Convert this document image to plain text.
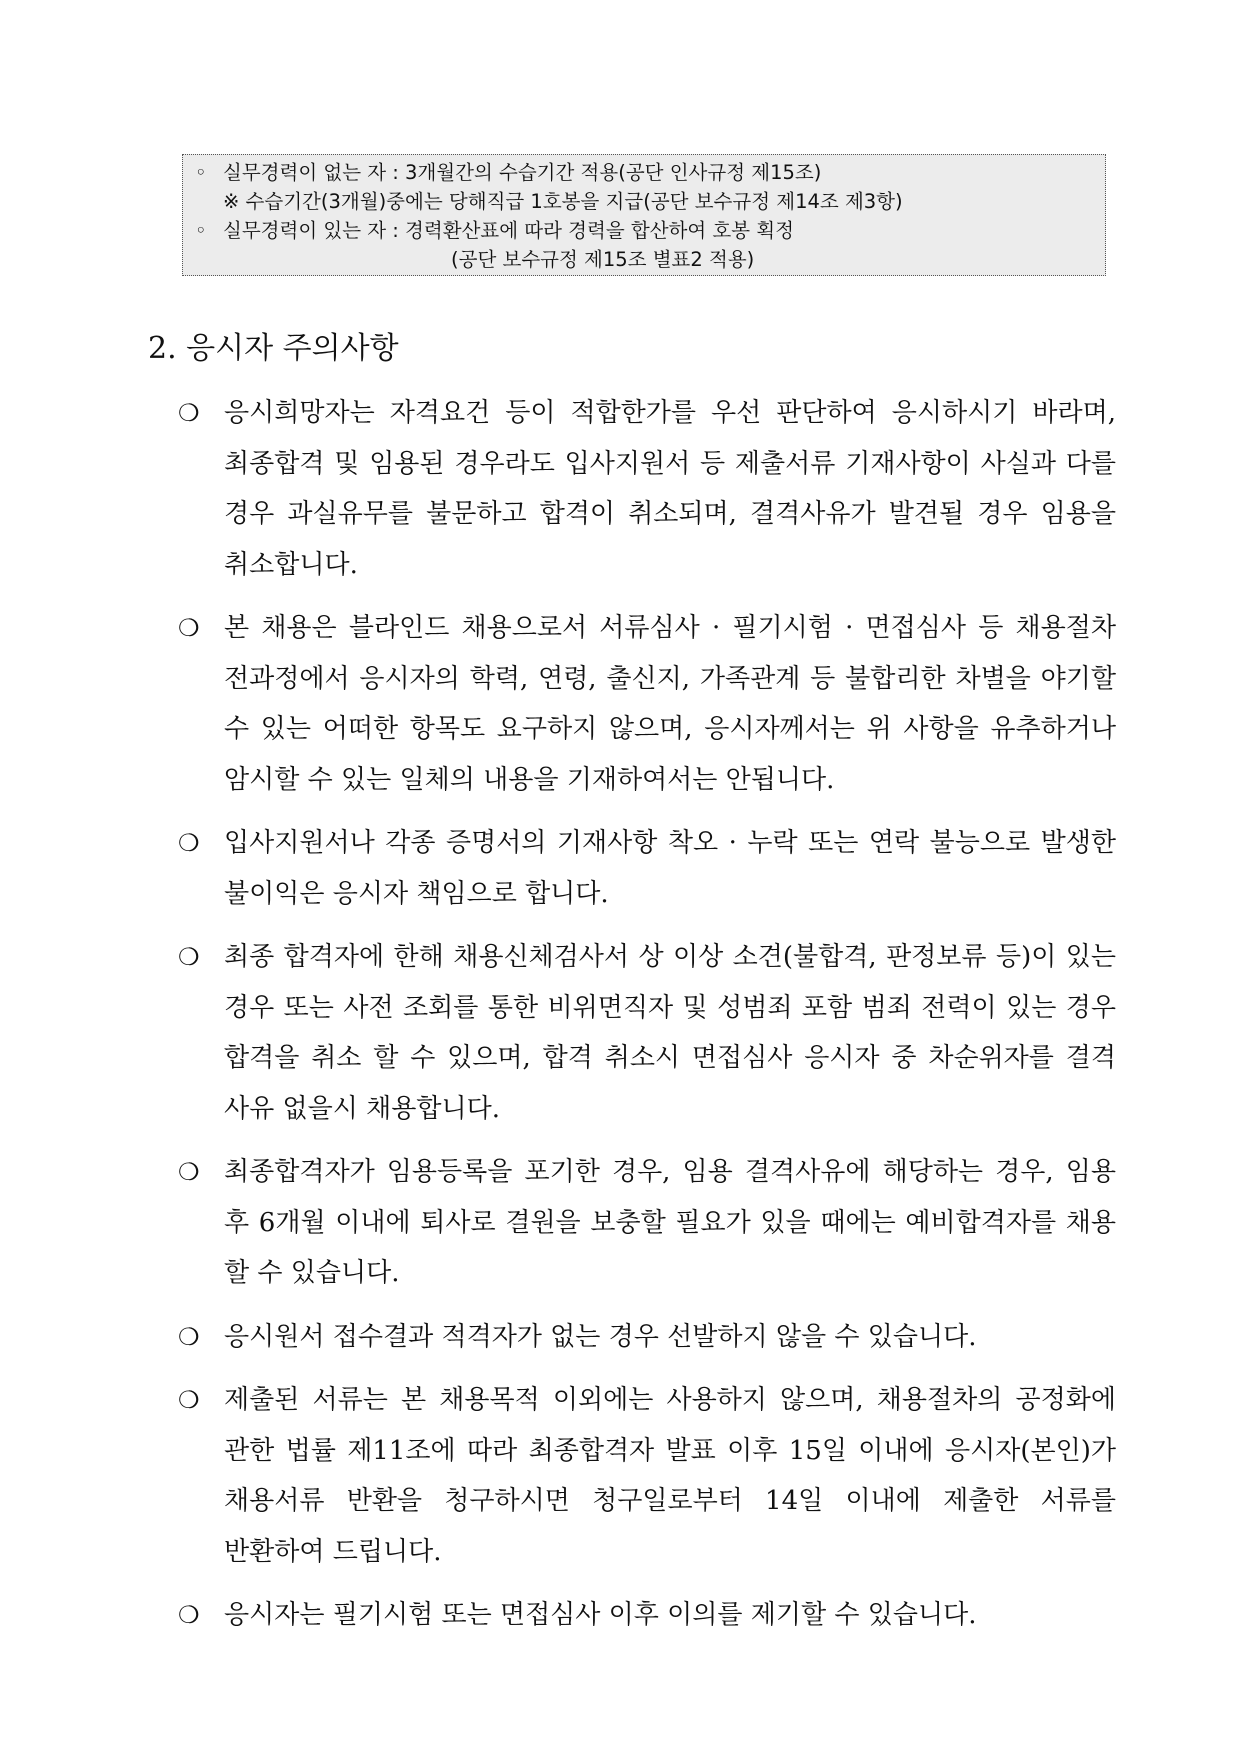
◦ 실무경력이 없는 자 : 3개월간의 수습기간 적용(공단 인사규정 제15조)
※ 수습기간(3개월)중에는 당해직급 1호봉을 지급(공단 보수규정 제14조 제3항)
◦ 실무경력이 있는 자 : 경력환산표에 따라 경력을 합산하여 호봉 획정
(공단 보수규정 제15조 별표2 적용)
2. 응시자 주의사항
❍ 응시희망자는 자격요건 등이 적합한가를 우선 판단하여 응시하시기 바라며, 최종합격 및 임용된 경우라도 입사지원서 등 제출서류 기재사항이 사실과 다를 경우 과실유무를 불문하고 합격이 취소되며, 결격사유가 발견될 경우 임용을 취소합니다.
❍ 본 채용은 블라인드 채용으로서 서류심사 · 필기시험 · 면접심사 등 채용절차 전과정에서 응시자의 학력, 연령, 출신지, 가족관계 등 불합리한 차별을 야기할 수 있는 어떠한 항목도 요구하지 않으며, 응시자께서는 위 사항을 유추하거나 암시할 수 있는 일체의 내용을 기재하여서는 안됩니다.
❍ 입사지원서나 각종 증명서의 기재사항 착오 · 누락 또는 연락 불능으로 발생한 불이익은 응시자 책임으로 합니다.
❍ 최종 합격자에 한해 채용신체검사서 상 이상 소견(불합격, 판정보류 등)이 있는 경우 또는 사전 조회를 통한 비위면직자 및 성범죄 포함 범죄 전력이 있는 경우 합격을 취소 할 수 있으며, 합격 취소시 면접심사 응시자 중 차순위자를 결격 사유 없을시 채용합니다.
❍ 최종합격자가 임용등록을 포기한 경우, 임용 결격사유에 해당하는 경우, 임용 후 6개월 이내에 퇴사로 결원을 보충할 필요가 있을 때에는 예비합격자를 채용 할 수 있습니다.
❍ 응시원서 접수결과 적격자가 없는 경우 선발하지 않을 수 있습니다.
❍ 제출된 서류는 본 채용목적 이외에는 사용하지 않으며, 채용절차의 공정화에 관한 법률 제11조에 따라 최종합격자 발표 이후 15일 이내에 응시자(본인)가 채용서류 반환을 청구하시면 청구일로부터 14일 이내에 제출한 서류를 반환하여 드립니다.
❍ 응시자는 필기시험 또는 면접심사 이후 이의를 제기할 수 있습니다.
